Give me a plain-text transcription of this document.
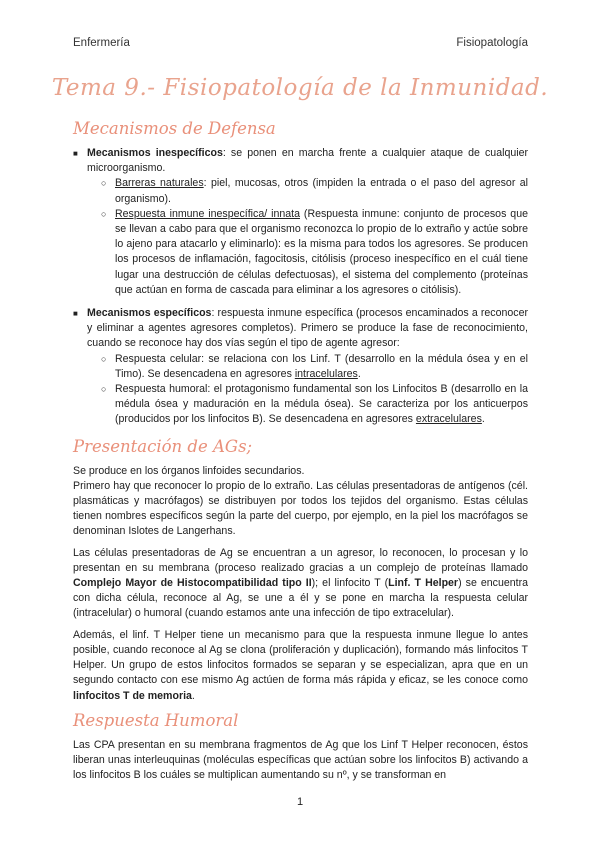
Enfermería	Fisiopatología
Tema 9.- Fisiopatología de la Inmunidad.
Mecanismos de Defensa
■ Mecanismos inespecíficos: se ponen en marcha frente a cualquier ataque de cualquier microorganismo.
○ Barreras naturales: piel, mucosas, otros (impiden la entrada o el paso del agresor al organismo).
○ Respuesta inmune inespecífica/ innata (Respuesta inmune: conjunto de procesos que se llevan a cabo para que el organismo reconozca lo propio de lo extraño y actúe sobre lo ajeno para atacarlo y eliminarlo): es la misma para todos los agresores. Se producen los procesos de inflamación, fagocitosis, citólisis (proceso inespecífico en el cuál tiene lugar una destrucción de células defectuosas), el sistema del complemento (proteínas que actúan en forma de cascada para eliminar a los agresores o citólisis).
■ Mecanismos específicos: respuesta inmune específica (procesos encaminados a reconocer y eliminar a agentes agresores completos). Primero se produce la fase de reconocimiento, cuando se reconoce hay dos vías según el tipo de agente agresor:
○ Respuesta celular: se relaciona con los Linf. T (desarrollo en la médula ósea y en el Timo). Se desencadena en agresores intracelulares.
○ Respuesta humoral: el protagonismo fundamental son los Linfocitos B (desarrollo en la médula ósea y maduración en la médula ósea). Se caracteriza por los anticuerpos (producidos por los linfocitos B). Se desencadena en agresores extracelulares.
Presentación de AGs;

Se produce en los órganos linfoides secundarios.

Primero hay que reconocer lo propio de lo extraño. Las células presentadoras de antígenos (cél. plasmáticas y macrófagos) se distribuyen por todos los tejidos del organismo. Estas células tienen nombres específicos según la parte del cuerpo, por ejemplo, en la piel los macrófagos se denominan Islotes de Langerhans.

Las células presentadoras de Ag se encuentran a un agresor, lo reconocen, lo procesan y lo presentan en su membrana (proceso realizado gracias a un complejo de proteínas llamado Complejo Mayor de Histocompatibilidad tipo II); el linfocito T (Linf. T Helper) se encuentra con dicha célula, reconoce al Ag, se une a él y se pone en marcha la respuesta celular (intracelular) o humoral (cuando estamos ante una infección de tipo extracelular).

Además, el linf. T Helper tiene un mecanismo para que la respuesta inmune llegue lo antes posible, cuando reconoce al Ag se clona (proliferación y duplicación), formando más linfocitos T Helper. Un grupo de estos linfocitos formados se separan y se especializan, apra que en un segundo contacto con ese mismo Ag actúen de forma más rápida y eficaz, se les conoce como linfocitos T de memoria.

Respuesta Humoral

Las CPA presentan en su membrana fragmentos de Ag que los Linf T Helper reconocen, éstos liberan unas interleuquinas (moléculas específicas que actúan sobre los linfocitos B) activando a los linfocitos B los cuáles se multiplican aumentando su nº, y se transforman en

1
